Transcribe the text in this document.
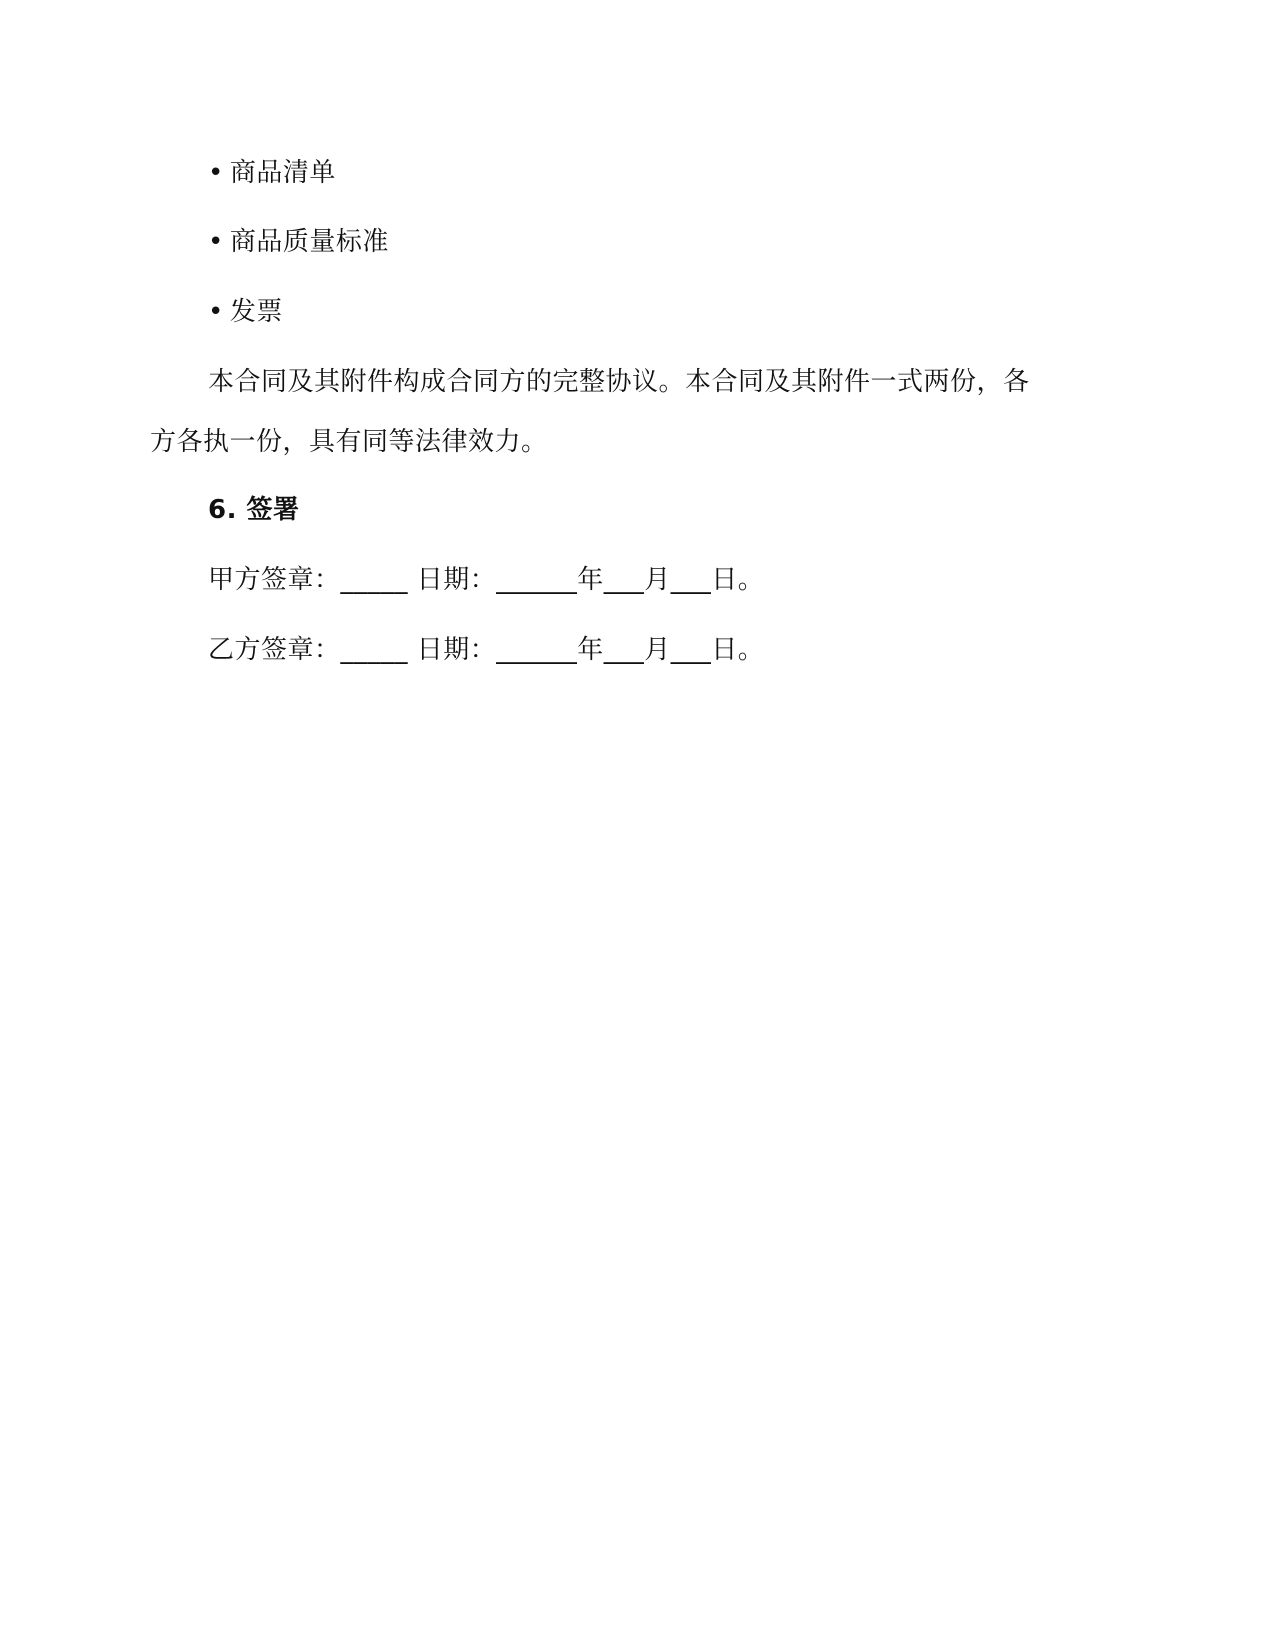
• 商品清单
• 商品质量标准
• 发票
本合同及其附件构成合同方的完整协议。本合同及其附件一式两份，各
方各执一份，具有同等法律效力。
6. 签署
甲方签章：_____ 日期：______年___月___日。
乙方签章：_____ 日期：______年___月___日。
